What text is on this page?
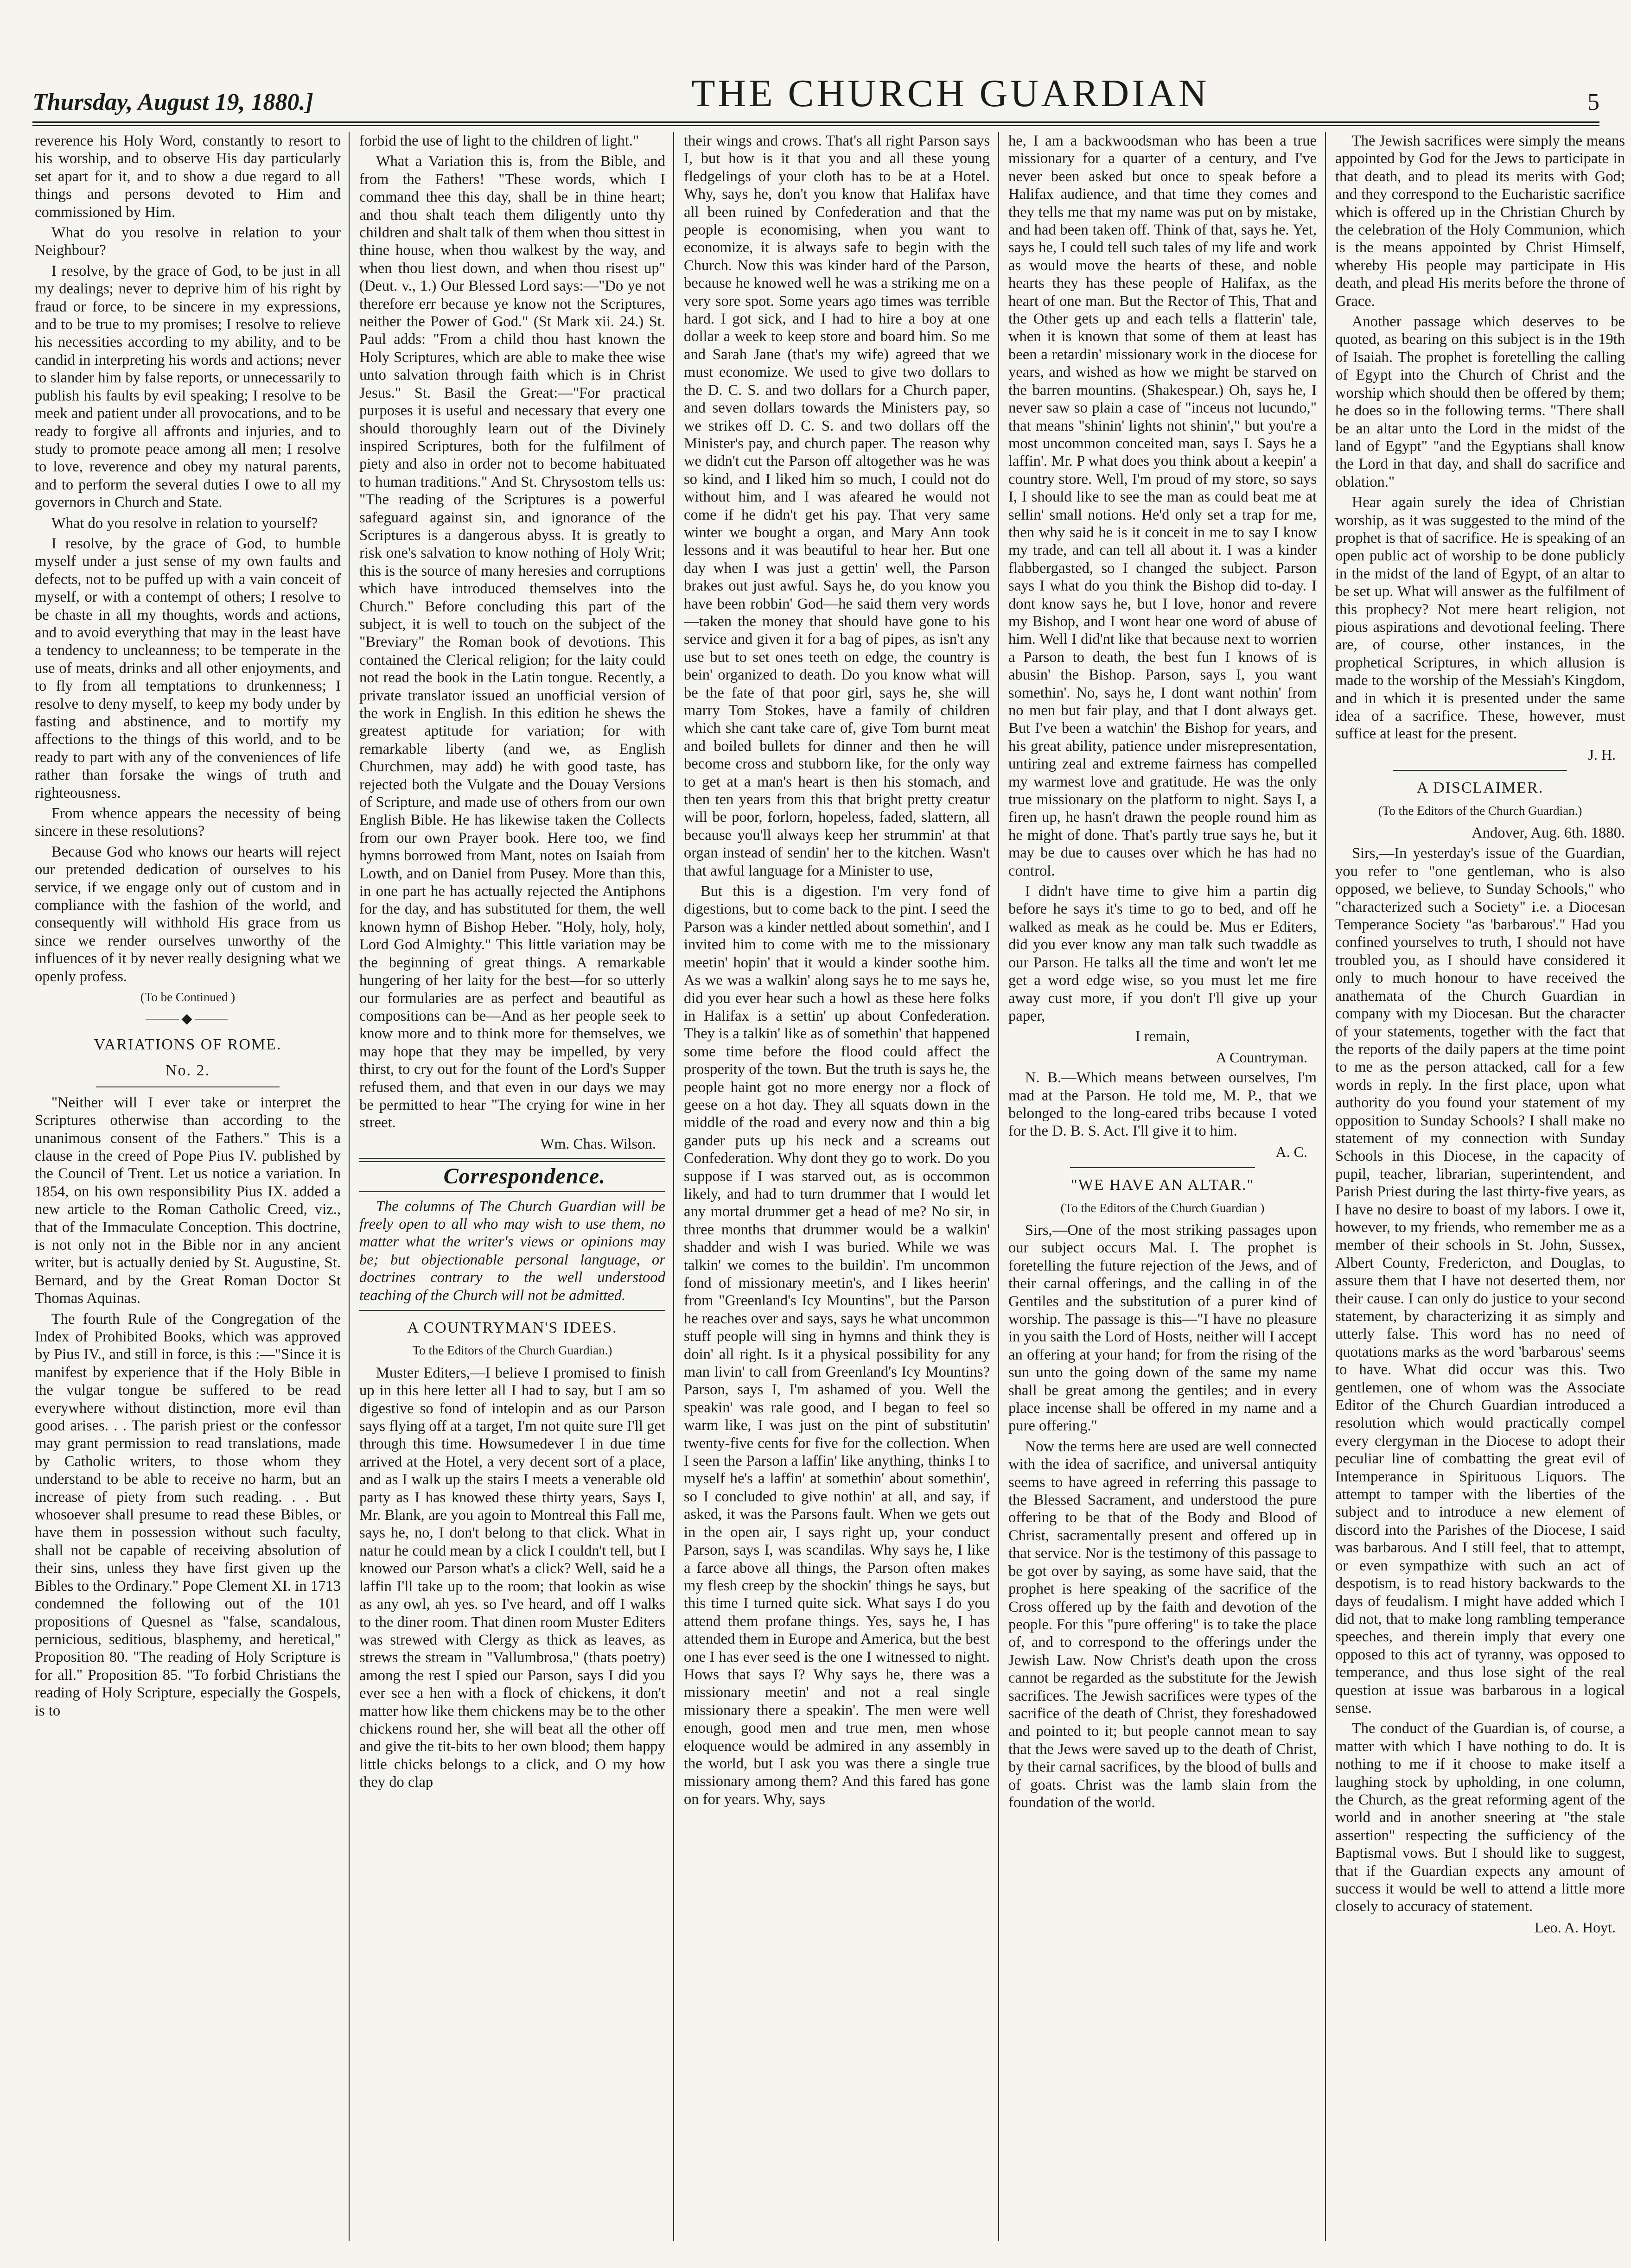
Thursday, August 19, 1880.]	THE CHURCH GUARDIAN	5

reverence his Holy Word, constantly to resort to his worship, and to observe His day particularly set apart for it, and to show a due regard to all things and persons devoted to Him and commissioned by Him.

What do you resolve in relation to your Neighbour?

I resolve, by the grace of God, to be just in all my dealings; never to deprive him of his right by fraud or force, to be sincere in my expressions, and to be true to my promises; I resolve to relieve his necessities according to my ability, and to be candid in interpreting his words and actions; never to slander him by false reports, or unnecessarily to publish his faults by evil speaking; I resolve to be meek and patient under all provocations, and to be ready to forgive all affronts and injuries, and to study to promote peace among all men; I resolve to love, reverence and obey my natural parents, and to perform the several duties I owe to all my governors in Church and State.

What do you resolve in relation to yourself?

I resolve, by the grace of God, to humble myself under a just sense of my own faults and defects, not to be puffed up with a vain conceit of myself, or with a contempt of others; I resolve to be chaste in all my thoughts, words and actions, and to avoid everything that may in the least have a tendency to uncleanness; to be temperate in the use of meats, drinks and all other enjoyments, and to fly from all temptations to drunkenness; I resolve to deny myself, to keep my body under by fasting and abstinence, and to mortify my affections to the things of this world, and to be ready to part with any of the conveniences of life rather than forsake the wings of truth and righteousness.

From whence appears the necessity of being sincere in these resolutions?

Because God who knows our hearts will reject our pretended dedication of ourselves to his service, if we engage only out of custom and in compliance with the fashion of the world, and consequently will withhold His grace from us since we render ourselves unworthy of the influences of it by never really designing what we openly profess.

(To be Continued )

⸻◆⸻

VARIATIONS OF ROME.

No. 2.

"Neither will I ever take or interpret the Scriptures otherwise than according to the unanimous consent of the Fathers." This is a clause in the creed of Pope Pius IV. published by the Council of Trent. Let us notice a variation. In 1854, on his own responsibility Pius IX. added a new article to the Roman Catholic Creed, viz., that of the Immaculate Conception. This doctrine, is not only not in the Bible nor in any ancient writer, but is actually denied by St. Augustine, St. Bernard, and by the Great Roman Doctor St Thomas Aquinas.

The fourth Rule of the Congregation of the Index of Prohibited Books, which was approved by Pius IV., and still in force, is this :—"Since it is manifest by experience that if the Holy Bible in the vulgar tongue be suffered to be read everywhere without distinction, more evil than good arises. . . The parish priest or the confessor may grant permission to read translations, made by Catholic writers, to those whom they understand to be able to receive no harm, but an increase of piety from such reading. . . But whosoever shall presume to read these Bibles, or have them in possession without such faculty, shall not be capable of receiving absolution of their sins, unless they have first given up the Bibles to the Ordinary." Pope Clement XI. in 1713 condemned the following out of the 101 propositions of Quesnel as "false, scandalous, pernicious, seditious, blasphemy, and heretical," Proposition 80. "The reading of Holy Scripture is for all." Proposition 85. "To forbid Christians the reading of Holy Scripture, especially the Gospels, is to

forbid the use of light to the children of light."

What a Variation this is, from the Bible, and from the Fathers! "These words, which I command thee this day, shall be in thine heart; and thou shalt teach them diligently unto thy children and shalt talk of them when thou sittest in thine house, when thou walkest by the way, and when thou liest down, and when thou risest up" (Deut. v., 1.) Our Blessed Lord says:—"Do ye not therefore err because ye know not the Scriptures, neither the Power of God." (St Mark xii. 24.) St. Paul adds: "From a child thou hast known the Holy Scriptures, which are able to make thee wise unto salvation through faith which is in Christ Jesus." St. Basil the Great:—"For practical purposes it is useful and necessary that every one should thoroughly learn out of the Divinely inspired Scriptures, both for the fulfilment of piety and also in order not to become habituated to human traditions." And St. Chrysostom tells us: "The reading of the Scriptures is a powerful safeguard against sin, and ignorance of the Scriptures is a dangerous abyss. It is greatly to risk one's salvation to know nothing of Holy Writ; this is the source of many heresies and corruptions which have introduced themselves into the Church." Before concluding this part of the subject, it is well to touch on the subject of the "Breviary" the Roman book of devotions. This contained the Clerical religion; for the laity could not read the book in the Latin tongue. Recently, a private translator issued an unofficial version of the work in English. In this edition he shews the greatest aptitude for variation; for with remarkable liberty (and we, as English Churchmen, may add) he with good taste, has rejected both the Vulgate and the Douay Versions of Scripture, and made use of others from our own English Bible. He has likewise taken the Collects from our own Prayer book. Here too, we find hymns borrowed from Mant, notes on Isaiah from Lowth, and on Daniel from Pusey. More than this, in one part he has actually rejected the Antiphons for the day, and has substituted for them, the well known hymn of Bishop Heber. "Holy, holy, holy, Lord God Almighty." This little variation may be the beginning of great things. A remarkable hungering of her laity for the best—for so utterly our formularies are as perfect and beautiful as compositions can be—And as her people seek to know more and to think more for themselves, we may hope that they may be impelled, by very thirst, to cry out for the fount of the Lord's Supper refused them, and that even in our days we may be permitted to hear "The crying for wine in her street.

Wm. Chas. Wilson.

Correspondence.

The columns of The Church Guardian will be freely open to all who may wish to use them, no matter what the writer's views or opinions may be; but objectionable personal language, or doctrines contrary to the well understood teaching of the Church will not be admitted.

A COUNTRYMAN'S IDEES.

To the Editors of the Church Guardian.)

Muster Editers,—I believe I promised to finish up in this here letter all I had to say, but I am so digestive so fond of intelopin and as our Parson says flying off at a target, I'm not quite sure I'll get through this time. Howsumedever I in due time arrived at the Hotel, a very decent sort of a place, and as I walk up the stairs I meets a venerable old party as I has knowed these thirty years, Says I, Mr. Blank, are you agoin to Montreal this Fall me, says he, no, I don't belong to that click. What in natur he could mean by a click I couldn't tell, but I knowed our Parson what's a click? Well, said he a laffin I'll take up to the room; that lookin as wise as any owl, ah yes. so I've heard, and off I walks to the diner room. That dinen room Muster Editers was strewed with Clergy as thick as leaves, as strews the stream in "Vallumbrosa," (thats poetry) among the rest I spied our Parson, says I did you ever see a hen with a flock of chickens, it don't matter how like them chickens may be to the other chickens round her, she will beat all the other off and give the tit-bits to her own blood; them happy little chicks belongs to a click, and O my how they do clap

their wings and crows. That's all right Parson says I, but how is it that you and all these young fledgelings of your cloth has to be at a Hotel. Why, says he, don't you know that Halifax have all been ruined by Confederation and that the people is economising, when you want to economize, it is always safe to begin with the Church. Now this was kinder hard of the Parson, because he knowed well he was a striking me on a very sore spot. Some years ago times was terrible hard. I got sick, and I had to hire a boy at one dollar a week to keep store and board him. So me and Sarah Jane (that's my wife) agreed that we must economize. We used to give two dollars to the D. C. S. and two dollars for a Church paper, and seven dollars towards the Ministers pay, so we strikes off D. C. S. and two dollars off the Minister's pay, and church paper. The reason why we didn't cut the Parson off altogether was he was so kind, and I liked him so much, I could not do without him, and I was afeared he would not come if he didn't get his pay. That very same winter we bought a organ, and Mary Ann took lessons and it was beautiful to hear her. But one day when I was just a gettin' well, the Parson brakes out just awful. Says he, do you know you have been robbin' God—he said them very words—taken the money that should have gone to his service and given it for a bag of pipes, as isn't any use but to set ones teeth on edge, the country is bein' organized to death. Do you know what will be the fate of that poor girl, says he, she will marry Tom Stokes, have a family of children which she cant take care of, give Tom burnt meat and boiled bullets for dinner and then he will become cross and stubborn like, for the only way to get at a man's heart is then his stomach, and then ten years from this that bright pretty creatur will be poor, forlorn, hopeless, faded, slattern, all because you'll always keep her strummin' at that organ instead of sendin' her to the kitchen. Wasn't that awful language for a Minister to use,

But this is a digestion. I'm very fond of digestions, but to come back to the pint. I seed the Parson was a kinder nettled about somethin', and I invited him to come with me to the missionary meetin' hopin' that it would a kinder soothe him. As we was a walkin' along says he to me says he, did you ever hear such a howl as these here folks in Halifax is a settin' up about Confederation. They is a talkin' like as of somethin' that happened some time before the flood could affect the prosperity of the town. But the truth is says he, the people haint got no more energy nor a flock of geese on a hot day. They all squats down in the middle of the road and every now and thin a big gander puts up his neck and a screams out Confederation. Why dont they go to work. Do you suppose if I was starved out, as is occommon likely, and had to turn drummer that I would let any mortal drummer get a head of me? No sir, in three months that drummer would be a walkin' shadder and wish I was buried. While we was talkin' we comes to the buildin'. I'm uncommon fond of missionary meetin's, and I likes heerin' from "Greenland's Icy Mountins", but the Parson he reaches over and says, says he what uncommon stuff people will sing in hymns and think they is doin' all right. Is it a physical possibility for any man livin' to call from Greenland's Icy Mountins? Parson, says I, I'm ashamed of you. Well the speakin' was rale good, and I began to feel so warm like, I was just on the pint of substitutin' twenty-five cents for five for the collection. When I seen the Parson a laffin' like anything, thinks I to myself he's a laffin' at somethin' about somethin', so I concluded to give nothin' at all, and say, if asked, it was the Parsons fault. When we gets out in the open air, I says right up, your conduct Parson, says I, was scandilas. Why says he, I like a farce above all things, the Parson often makes my flesh creep by the shockin' things he says, but this time I turned quite sick. What says I do you attend them profane things. Yes, says he, I has attended them in Europe and America, but the best one I has ever seed is the one I witnessed to night. Hows that says I? Why says he, there was a missionary meetin' and not a real single missionary there a speakin'. The men were well enough, good men and true men, men whose eloquence would be admired in any assembly in the world, but I ask you was there a single true missionary among them? And this fared has gone on for years. Why, says

he, I am a backwoodsman who has been a true missionary for a quarter of a century, and I've never been asked but once to speak before a Halifax audience, and that time they comes and they tells me that my name was put on by mistake, and had been taken off. Think of that, says he. Yet, says he, I could tell such tales of my life and work as would move the hearts of these, and noble hearts they has these people of Halifax, as the heart of one man. But the Rector of This, That and the Other gets up and each tells a flatterin' tale, when it is known that some of them at least has been a retardin' missionary work in the diocese for years, and wished as how we might be starved on the barren mountins. (Shakespear.) Oh, says he, I never saw so plain a case of "inceus not lucundo," that means "shinin' lights not shinin'," but you're a most uncommon conceited man, says I. Says he a laffin'. Mr. P what does you think about a keepin' a country store. Well, I'm proud of my store, so says I, I should like to see the man as could beat me at sellin' small notions. He'd only set a trap for me, then why said he is it conceit in me to say I know my trade, and can tell all about it. I was a kinder flabbergasted, so I changed the subject. Parson says I what do you think the Bishop did to-day. I dont know says he, but I love, honor and revere my Bishop, and I wont hear one word of abuse of him. Well I did'nt like that because next to worrien a Parson to death, the best fun I knows of is abusin' the Bishop. Parson, says I, you want somethin'. No, says he, I dont want nothin' from no men but fair play, and that I dont always get. But I've been a watchin' the Bishop for years, and his great ability, patience under misrepresentation, untiring zeal and extreme fairness has compelled my warmest love and gratitude. He was the only true missionary on the platform to night. Says I, a firen up, he hasn't drawn the people round him as he might of done. That's partly true says he, but it may be due to causes over which he has had no control.

I didn't have time to give him a partin dig before he says it's time to go to bed, and off he walked as meak as he could be. Mus er Editers, did you ever know any man talk such twaddle as our Parson. He talks all the time and won't let me get a word edge wise, so you must let me fire away cust more, if you don't I'll give up your paper,

I remain,

A Countryman.

N. B.—Which means between ourselves, I'm mad at the Parson. He told me, M. P., that we belonged to the long-eared tribs because I voted for the D. B. S. Act. I'll give it to him.

A. C.

"WE HAVE AN ALTAR."

(To the Editors of the Church Guardian )

Sirs,—One of the most striking passages upon our subject occurs Mal. I. The prophet is foretelling the future rejection of the Jews, and of their carnal offerings, and the calling in of the Gentiles and the substitution of a purer kind of worship. The passage is this—"I have no pleasure in you saith the Lord of Hosts, neither will I accept an offering at your hand; for from the rising of the sun unto the going down of the same my name shall be great among the gentiles; and in every place incense shall be offered in my name and a pure offering."

Now the terms here are used are well connected with the idea of sacrifice, and universal antiquity seems to have agreed in referring this passage to the Blessed Sacrament, and understood the pure offering to be that of the Body and Blood of Christ, sacramentally present and offered up in that service. Nor is the testimony of this passage to be got over by saying, as some have said, that the prophet is here speaking of the sacrifice of the Cross offered up by the faith and devotion of the people. For this "pure offering" is to take the place of, and to correspond to the offerings under the Jewish Law. Now Christ's death upon the cross cannot be regarded as the substitute for the Jewish sacrifices. The Jewish sacrifices were types of the sacrifice of the death of Christ, they foreshadowed and pointed to it; but people cannot mean to say that the Jews were saved up to the death of Christ, by their carnal sacrifices, by the blood of bulls and of goats. Christ was the lamb slain from the foundation of the world.

The Jewish sacrifices were simply the means appointed by God for the Jews to participate in that death, and to plead its merits with God; and they correspond to the Eucharistic sacrifice which is offered up in the Christian Church by the celebration of the Holy Communion, which is the means appointed by Christ Himself, whereby His people may participate in His death, and plead His merits before the throne of Grace.

Another passage which deserves to be quoted, as bearing on this subject is in the 19th of Isaiah. The prophet is foretelling the calling of Egypt into the Church of Christ and the worship which should then be offered by them; he does so in the following terms. "There shall be an altar unto the Lord in the midst of the land of Egypt" "and the Egyptians shall know the Lord in that day, and shall do sacrifice and oblation."

Hear again surely the idea of Christian worship, as it was suggested to the mind of the prophet is that of sacrifice. He is speaking of an open public act of worship to be done publicly in the midst of the land of Egypt, of an altar to be set up. What will answer as the fulfilment of this prophecy? Not mere heart religion, not pious aspirations and devotional feeling. There are, of course, other instances, in the prophetical Scriptures, in which allusion is made to the worship of the Messiah's Kingdom, and in which it is presented under the same idea of a sacrifice. These, however, must suffice at least for the present.

J. H.

A DISCLAIMER.

(To the Editors of the Church Guardian.)

Andover, Aug. 6th. 1880.

Sirs,—In yesterday's issue of the Guardian, you refer to "one gentleman, who is also opposed, we believe, to Sunday Schools," who "characterized such a Society" i.e. a Diocesan Temperance Society "as 'barbarous'." Had you confined yourselves to truth, I should not have troubled you, as I should have considered it only to much honour to have received the anathemata of the Church Guardian in company with my Diocesan. But the character of your statements, together with the fact that the reports of the daily papers at the time point to me as the person attacked, call for a few words in reply. In the first place, upon what authority do you found your statement of my opposition to Sunday Schools? I shall make no statement of my connection with Sunday Schools in this Diocese, in the capacity of pupil, teacher, librarian, superintendent, and Parish Priest during the last thirty-five years, as I have no desire to boast of my labors. I owe it, however, to my friends, who remember me as a member of their schools in St. John, Sussex, Albert County, Fredericton, and Douglas, to assure them that I have not deserted them, nor their cause. I can only do justice to your second statement, by characterizing it as simply and utterly false. This word has no need of quotations marks as the word 'barbarous' seems to have. What did occur was this. Two gentlemen, one of whom was the Associate Editor of the Church Guardian introduced a resolution which would practically compel every clergyman in the Diocese to adopt their peculiar line of combatting the great evil of Intemperance in Spirituous Liquors. The attempt to tamper with the liberties of the subject and to introduce a new element of discord into the Parishes of the Diocese, I said was barbarous. And I still feel, that to attempt, or even sympathize with such an act of despotism, is to read history backwards to the days of feudalism. I might have added which I did not, that to make long rambling temperance speeches, and therein imply that every one opposed to this act of tyranny, was opposed to temperance, and thus lose sight of the real question at issue was barbarous in a logical sense.

The conduct of the Guardian is, of course, a matter with which I have nothing to do. It is nothing to me if it choose to make itself a laughing stock by upholding, in one column, the Church, as the great reforming agent of the world and in another sneering at "the stale assertion" respecting the sufficiency of the Baptismal vows. But I should like to suggest, that if the Guardian expects any amount of success it would be well to attend a little more closely to accuracy of statement.

Leo. A. Hoyt.
